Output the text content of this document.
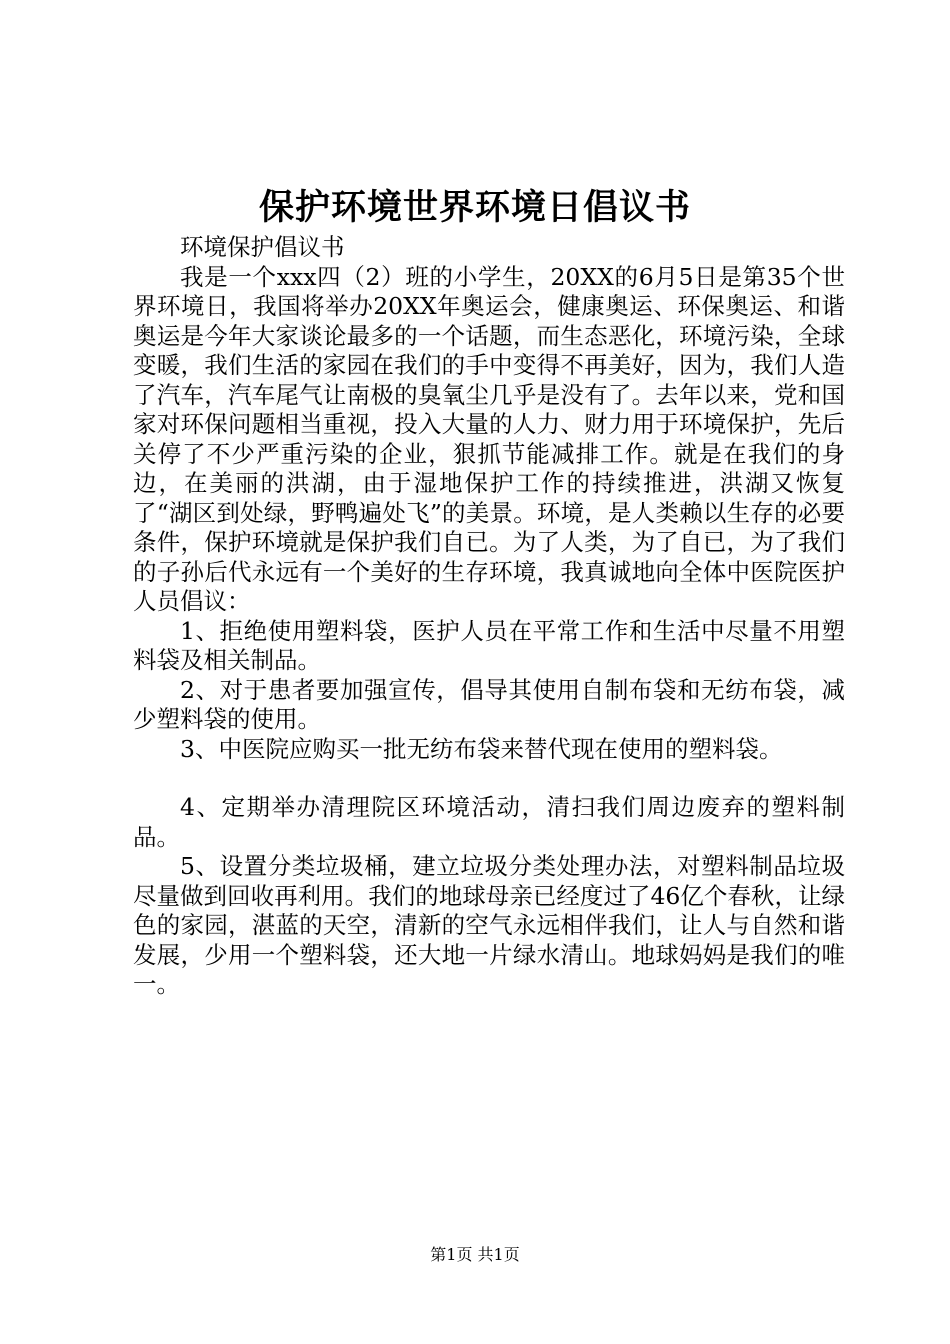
保护环境世界环境日倡议书

环境保护倡议书

我是一个xxx四（2）班的小学生，20XX的6月5日是第35个世界环境日，我国将举办20XX年奥运会，健康奥运、环保奥运、和谐奥运是今年大家谈论最多的一个话题，而生态恶化，环境污染，全球变暖，我们生活的家园在我们的手中变得不再美好，因为，我们人造了汽车，汽车尾气让南极的臭氧尘几乎是没有了。去年以来，党和国家对环保问题相当重视，投入大量的人力、财力用于环境保护，先后关停了不少严重污染的企业，狠抓节能减排工作。就是在我们的身边，在美丽的洪湖，由于湿地保护工作的持续推进，洪湖又恢复了“湖区到处绿，野鸭遍处飞”的美景。环境，是人类赖以生存的必要条件，保护环境就是保护我们自已。为了人类，为了自已，为了我们的子孙后代永远有一个美好的生存环境，我真诚地向全体中医院医护人员倡议：

1、拒绝使用塑料袋，医护人员在平常工作和生活中尽量不用塑料袋及相关制品。

2、对于患者要加强宣传，倡导其使用自制布袋和无纺布袋，减少塑料袋的使用。

3、中医院应购买一批无纺布袋来替代现在使用的塑料袋。

4、定期举办清理院区环境活动，清扫我们周边废弃的塑料制品。

5、设置分类垃圾桶，建立垃圾分类处理办法，对塑料制品垃圾尽量做到回收再利用。我们的地球母亲已经度过了46亿个春秋，让绿色的家园，湛蓝的天空，清新的空气永远相伴我们，让人与自然和谐发展，少用一个塑料袋，还大地一片绿水清山。地球妈妈是我们的唯一。

第1页 共1页
